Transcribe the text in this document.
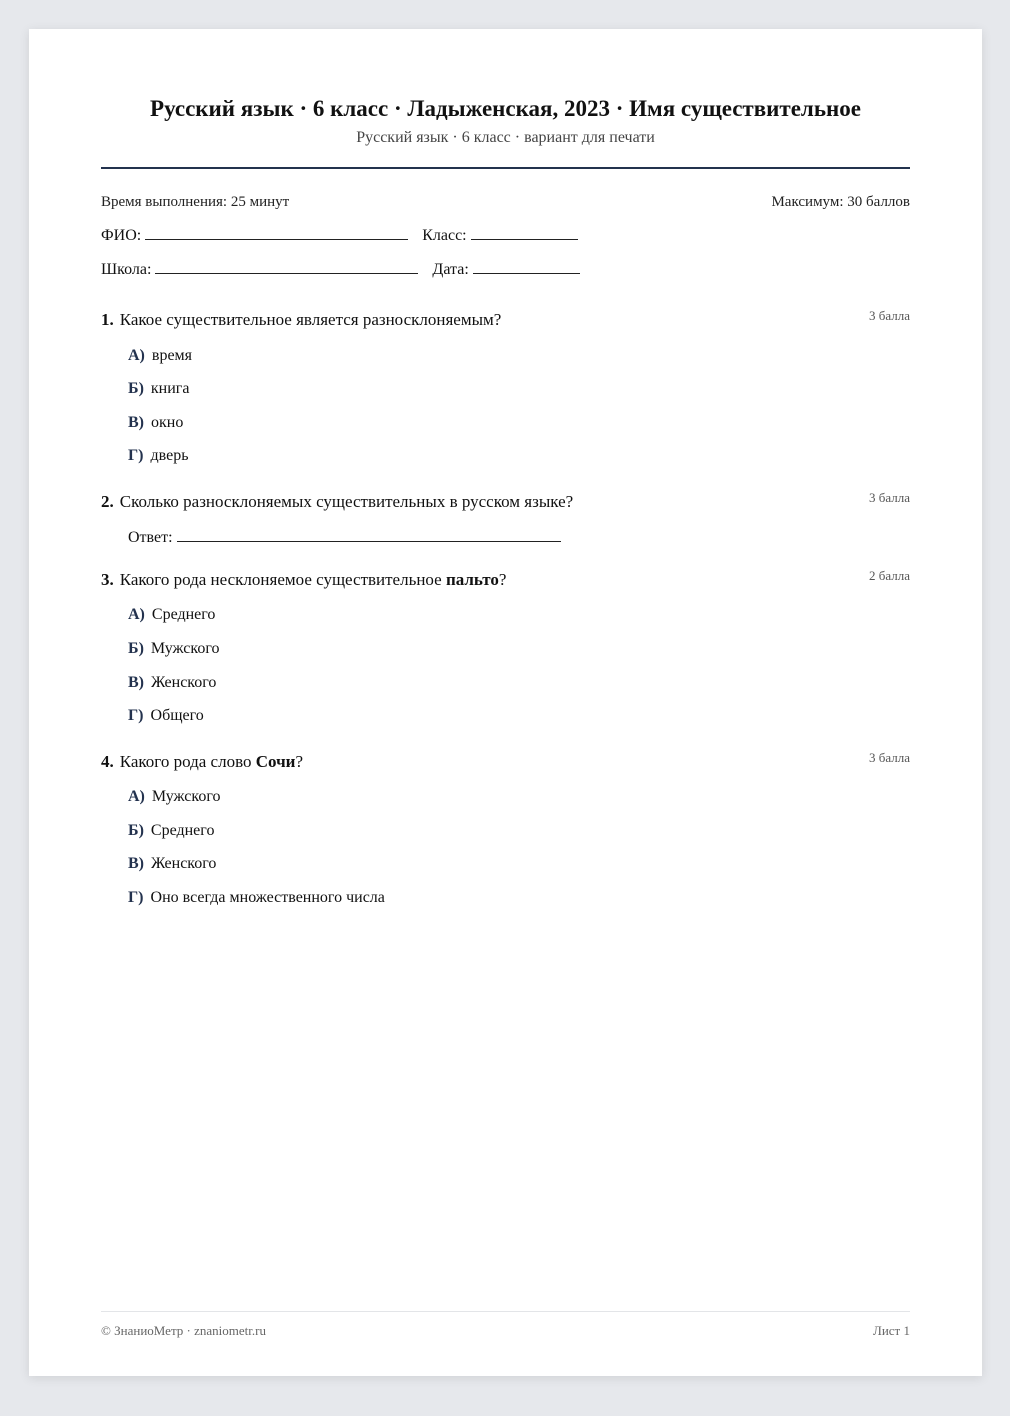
Русский язык · 6 класс · Ладыженская, 2023 · Имя существительное
Русский язык · 6 класс · вариант для печати
Время выполнения: 25 минут	Максимум: 30 баллов
ФИО:	Класс:
Школа:	Дата:
1. Какое существительное является разносклоняемым?	3 балла
А) время
Б) книга
В) окно
Г) дверь
2. Сколько разносклоняемых существительных в русском языке?	3 балла
Ответ:
3. Какого рода несклоняемое существительное пальто?	2 балла
А) Среднего
Б) Мужского
В) Женского
Г) Общего
4. Какого рода слово Сочи?	3 балла
А) Мужского
Б) Среднего
В) Женского
Г) Оно всегда множественного числа
© ЗнаниоМетр · znaniometr.ru	Лист 1
